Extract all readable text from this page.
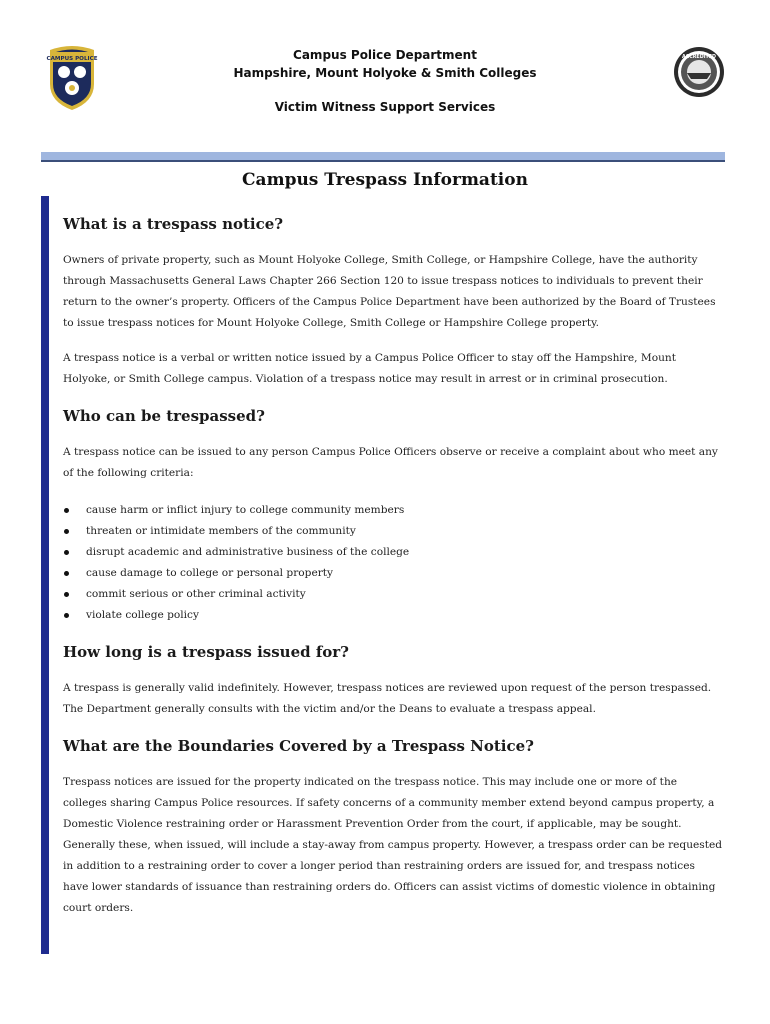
CAMPUS POLICE	Campus Police Department
Hampshire, Mount Holyoke & Smith Colleges
Victim Witness Support Services
ACCREDITED
Campus Trespass Information
What is a trespass notice?

Owners of private property, such as Mount Holyoke College, Smith College, or Hampshire College, have the authority through Massachusetts General Laws Chapter 266 Section 120 to issue trespass notices to individuals to prevent their return to the owner’s property. Officers of the Campus Police Department have been authorized by the Board of Trustees to issue trespass notices for Mount Holyoke College, Smith College or Hampshire College property.

A trespass notice is a verbal or written notice issued by a Campus Police Officer to stay off the Hampshire, Mount Holyoke, or Smith College campus. Violation of a trespass notice may result in arrest or in criminal prosecution.

Who can be trespassed?

A trespass notice can be issued to any person Campus Police Officers observe or receive a complaint about who meet any of the following criteria:

cause harm or inflict injury to college community members
threaten or intimidate members of the community
disrupt academic and administrative business of the college
cause damage to college or personal property
commit serious or other criminal activity
violate college policy
How long is a trespass issued for?

A trespass is generally valid indefinitely. However, trespass notices are reviewed upon request of the person trespassed. The Department generally consults with the victim and/or the Deans to evaluate a trespass appeal.

What are the Boundaries Covered by a Trespass Notice?

Trespass notices are issued for the property indicated on the trespass notice. This may include one or more of the colleges sharing Campus Police resources. If safety concerns of a community member extend beyond campus property, a Domestic Violence restraining order or Harassment Prevention Order from the court, if applicable, may be sought. Generally these, when issued, will include a stay-away from campus property. However, a trespass order can be requested in addition to a restraining order to cover a longer period than restraining orders are issued for, and trespass notices have lower standards of issuance than restraining orders do. Officers can assist victims of domestic violence in obtaining court orders.
